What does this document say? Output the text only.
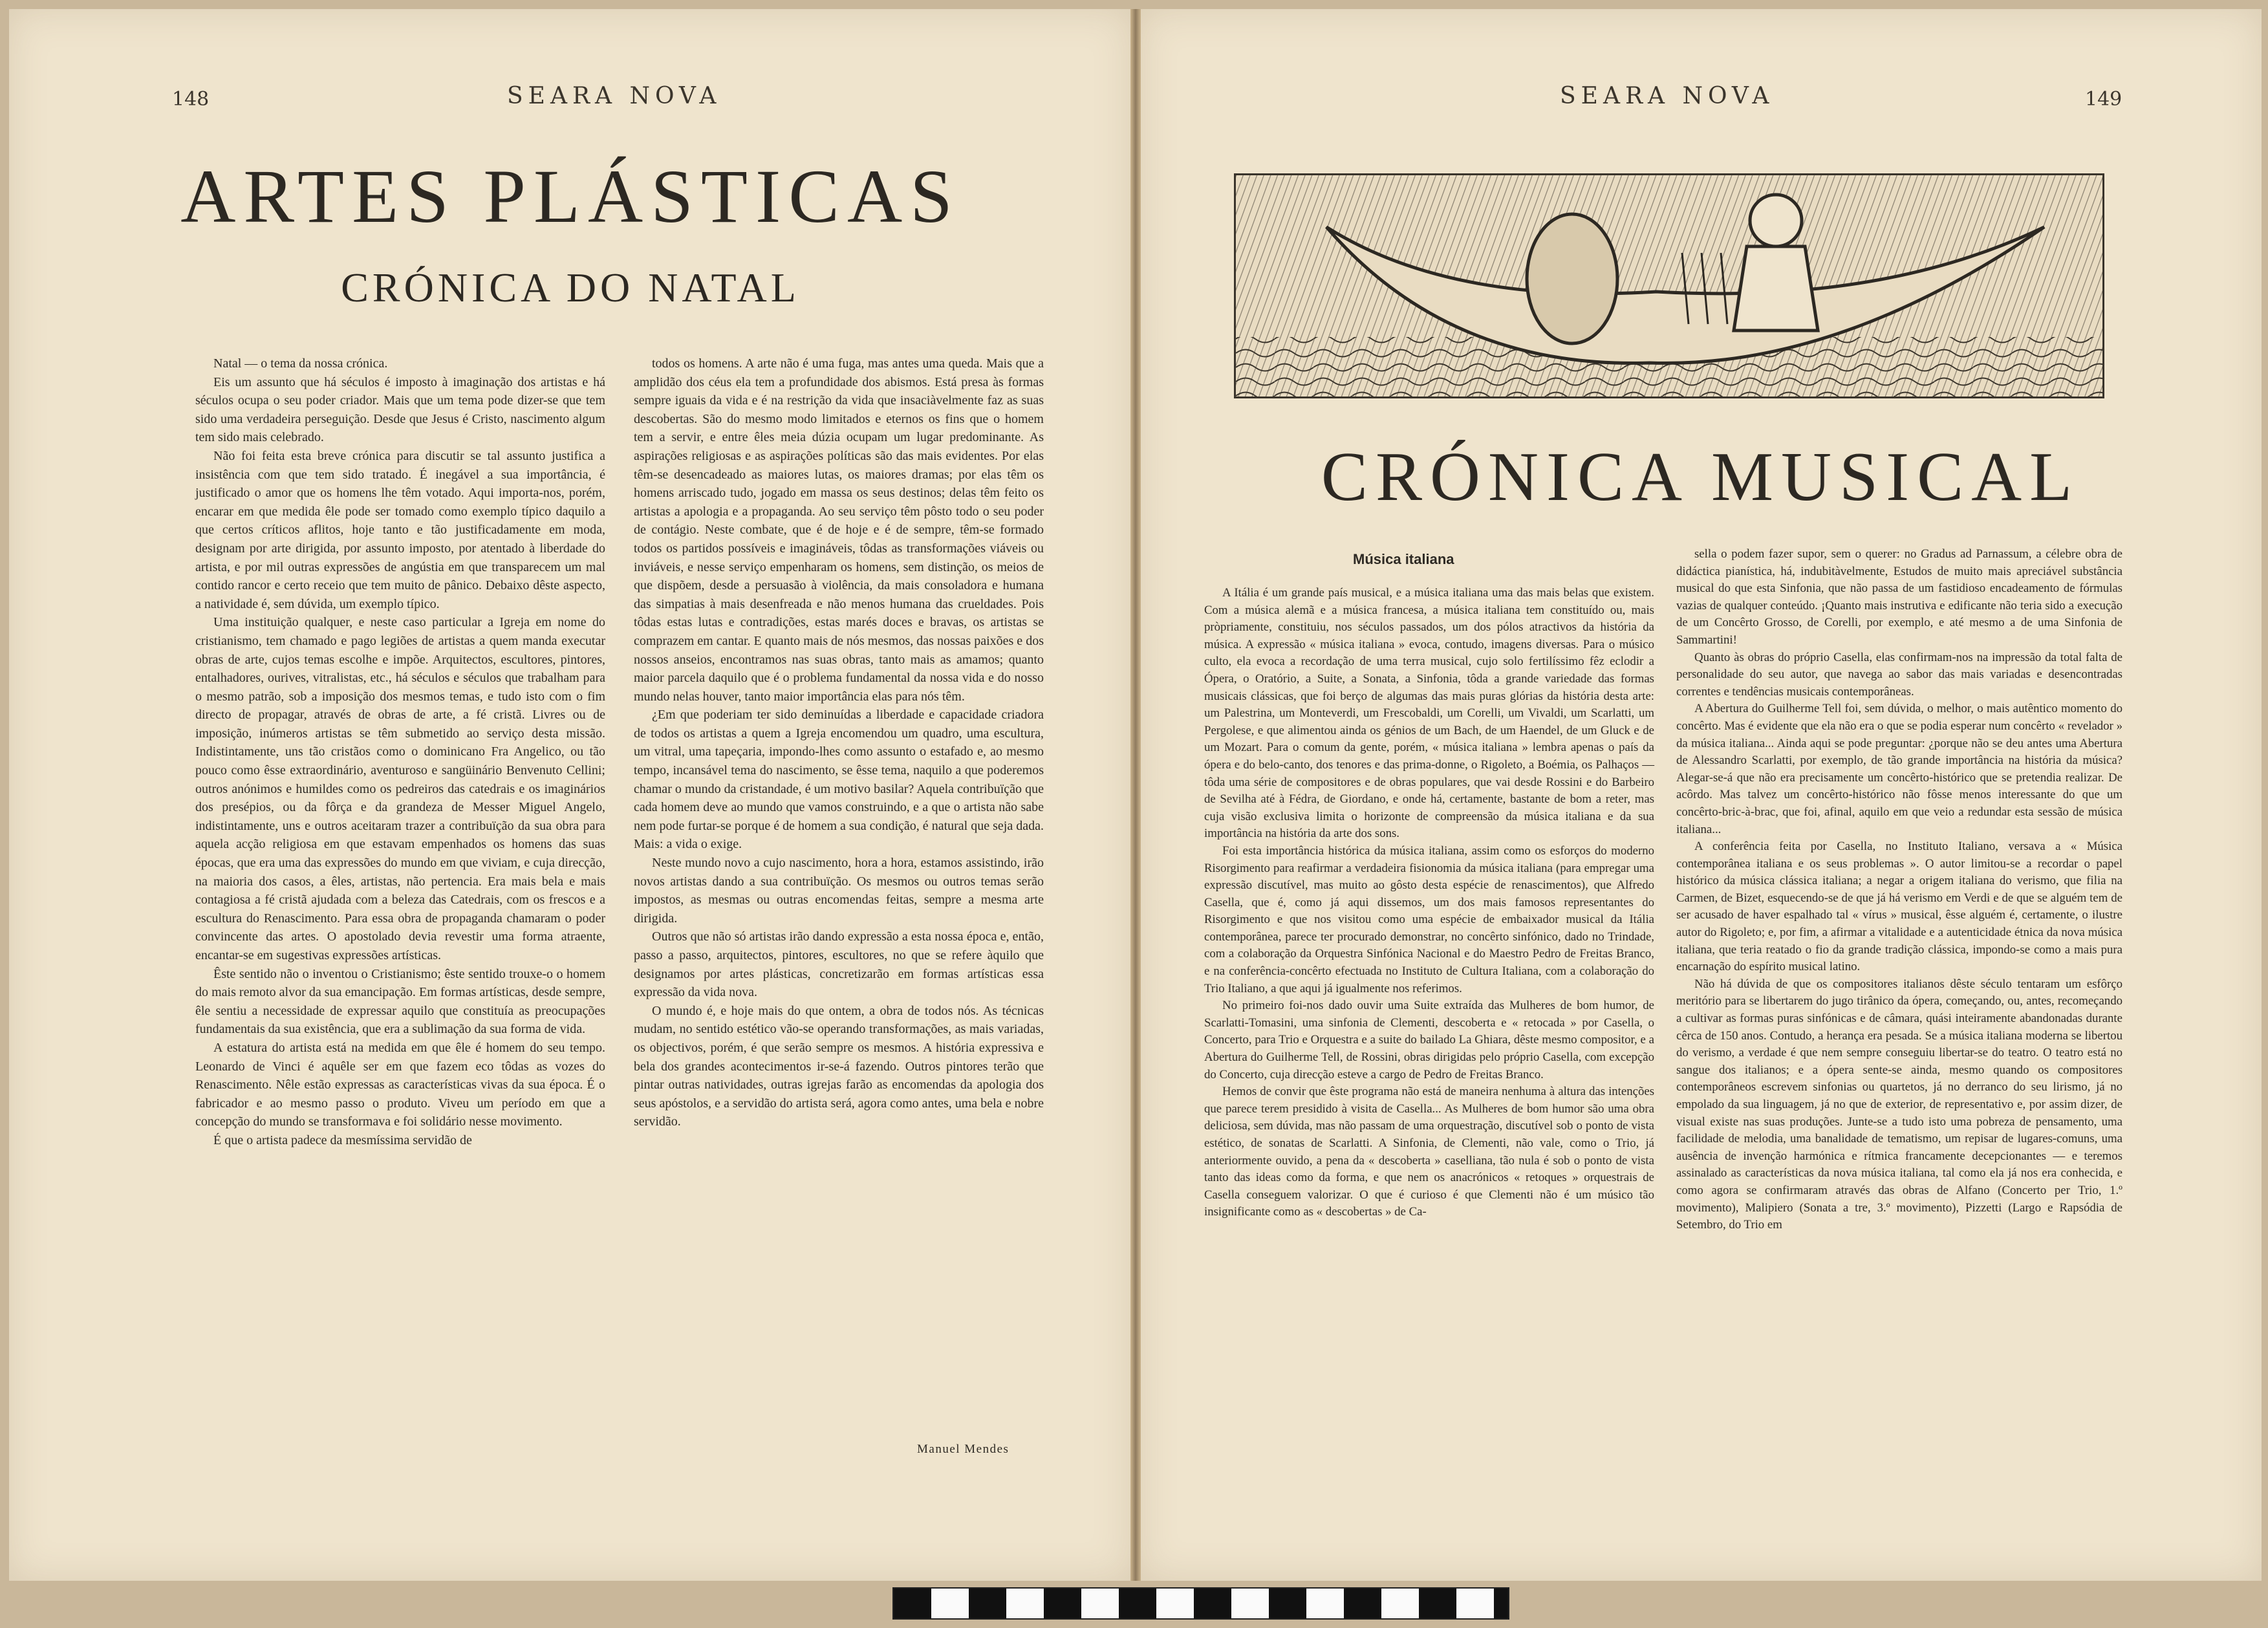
148	SEARA NOVA
ARTES PLÁSTICAS
CRÓNICA DO NATAL

Natal — o tema da nossa crónica.

Eis um assunto que há séculos é imposto à imaginação dos artistas e há séculos ocupa o seu poder criador. Mais que um tema pode dizer-se que tem sido uma verdadeira perseguição. Desde que Jesus é Cristo, nascimento algum tem sido mais celebrado.

Não foi feita esta breve crónica para discutir se tal assunto justifica a insistência com que tem sido tratado. É inegável a sua importância, é justificado o amor que os homens lhe têm votado. Aqui importa-nos, porém, encarar em que medida êle pode ser tomado como exemplo típico daquilo a que certos críticos aflitos, hoje tanto e tão justificadamente em moda, designam por arte dirigida, por assunto imposto, por atentado à liberdade do artista, e por mil outras expressões de angústia em que transparecem um mal contido rancor e certo receio que tem muito de pânico. Debaixo dêste aspecto, a natividade é, sem dúvida, um exemplo típico.

Uma instituição qualquer, e neste caso particular a Igreja em nome do cristianismo, tem chamado e pago legiões de artistas a quem manda executar obras de arte, cujos temas escolhe e impõe. Arquitectos, escultores, pintores, entalhadores, ourives, vitralistas, etc., há séculos e séculos que trabalham para o mesmo patrão, sob a imposição dos mesmos temas, e tudo isto com o fim directo de propagar, através de obras de arte, a fé cristã. Livres ou de imposição, inúmeros artistas se têm submetido ao serviço desta missão. Indistintamente, uns tão cristãos como o dominicano Fra Angelico, ou tão pouco como êsse extraordinário, aventuroso e sangüinário Benvenuto Cellini; outros anónimos e humildes como os pedreiros das catedrais e os imaginários dos presépios, ou da fôrça e da grandeza de Messer Miguel Angelo, indistintamente, uns e outros aceitaram trazer a contribuïção da sua obra para aquela acção religiosa em que estavam empenhados os homens das suas épocas, que era uma das expressões do mundo em que viviam, e cuja direcção, na maioria dos casos, a êles, artistas, não pertencia. Era mais bela e mais contagiosa a fé cristã ajudada com a beleza das Catedrais, com os frescos e a escultura do Renascimento. Para essa obra de propaganda chamaram o poder convincente das artes. O apostolado devia revestir uma forma atraente, encantar-se em sugestivas expressões artísticas.

Êste sentido não o inventou o Cristianismo; êste sentido trouxe-o o homem do mais remoto alvor da sua emancipação. Em formas artísticas, desde sempre, êle sentiu a necessidade de expressar aquilo que constituía as preocupações fundamentais da sua existência, que era a sublimação da sua forma de vida.

A estatura do artista está na medida em que êle é homem do seu tempo. Leonardo de Vinci é aquêle ser em que fazem eco tôdas as vozes do Renascimento. Nêle estão expressas as características vivas da sua época. É o fabricador e ao mesmo passo o produto. Viveu um período em que a concepção do mundo se transformava e foi solidário nesse movimento.

É que o artista padece da mesmíssima servidão de

todos os homens. A arte não é uma fuga, mas antes uma queda. Mais que a amplidão dos céus ela tem a profundidade dos abismos. Está presa às formas sempre iguais da vida e é na restrição da vida que insaciàvelmente faz as suas descobertas. São do mesmo modo limitados e eternos os fins que o homem tem a servir, e entre êles meia dúzia ocupam um lugar predominante. As aspirações religiosas e as aspirações políticas são das mais evidentes. Por elas têm-se desencadeado as maiores lutas, os maiores dramas; por elas têm os homens arriscado tudo, jogado em massa os seus destinos; delas têm feito os artistas a apologia e a propaganda. Ao seu serviço têm pôsto todo o seu poder de contágio. Neste combate, que é de hoje e é de sempre, têm-se formado todos os partidos possíveis e imagináveis, tôdas as transformações viáveis ou inviáveis, e nesse serviço empenharam os homens, sem distinção, os meios de que dispõem, desde a persuasão à violência, da mais consoladora e humana das simpatias à mais desenfreada e não menos humana das crueldades. Pois tôdas estas lutas e contradições, estas marés doces e bravas, os artistas se comprazem em cantar. E quanto mais de nós mesmos, das nossas paixões e dos nossos anseios, encontramos nas suas obras, tanto mais as amamos; quanto maior parcela daquilo que é o problema fundamental da nossa vida e do nosso mundo nelas houver, tanto maior importância elas para nós têm.

¿Em que poderiam ter sido deminuídas a liberdade e capacidade criadora de todos os artistas a quem a Igreja encomendou um quadro, uma escultura, um vitral, uma tapeçaria, impondo-lhes como assunto o estafado e, ao mesmo tempo, incansável tema do nascimento, se êsse tema, naquilo a que poderemos chamar o mundo da cristandade, é um motivo basilar? Aquela contribuïção que cada homem deve ao mundo que vamos construindo, e a que o artista não sabe nem pode furtar-se porque é de homem a sua condição, é natural que seja dada. Mais: a vida o exige.

Neste mundo novo a cujo nascimento, hora a hora, estamos assistindo, irão novos artistas dando a sua contribuïção. Os mesmos ou outros temas serão impostos, as mesmas ou outras encomendas feitas, sempre a mesma arte dirigida.

Outros que não só artistas irão dando expressão a esta nossa época e, então, passo a passo, arquitectos, pintores, escultores, no que se refere àquilo que designamos por artes plásticas, concretizarão em formas artísticas essa expressão da vida nova.

O mundo é, e hoje mais do que ontem, a obra de todos nós. As técnicas mudam, no sentido estético vão-se operando transformações, as mais variadas, os objectivos, porém, é que serão sempre os mesmos. A história expressiva e bela dos grandes acontecimentos ir-se-á fazendo. Outros pintores terão que pintar outras natividades, outras igrejas farão as encomendas da apologia dos seus apóstolos, e a servidão do artista será, agora como antes, uma bela e nobre servidão.

Manuel Mendes
SEARA NOVA	149
CRÓNICA MUSICAL
Música italiana

A Itália é um grande país musical, e a música italiana uma das mais belas que existem. Com a música alemã e a música francesa, a música italiana tem constituído ou, mais pròpriamente, constituiu, nos séculos passados, um dos pólos atractivos da história da música. A expressão « música italiana » evoca, contudo, imagens diversas. Para o músico culto, ela evoca a recordação de uma terra musical, cujo solo fertilíssimo fêz eclodir a Ópera, o Oratório, a Suite, a Sonata, a Sinfonia, tôda a grande variedade das formas musicais clássicas, que foi berço de algumas das mais puras glórias da história desta arte: um Palestrina, um Monteverdi, um Frescobaldi, um Corelli, um Vivaldi, um Scarlatti, um Pergolese, e que alimentou ainda os génios de um Bach, de um Haendel, de um Gluck e de um Mozart. Para o comum da gente, porém, « música italiana » lembra apenas o país da ópera e do belo-cantо, dos tenores e das prima-donne, o Rigoleto, a Boémia, os Palhaços — tôda uma série de compositores e de obras populares, que vai desde Rossini e do Barbeiro de Sevilha até à Fédra, de Giordano, e onde há, certamente, bastante de bom a reter, mas cuja visão exclusiva limita o horizonte de compreensão da música italiana e da sua importância na história da arte dos sons.

Foi esta importância histórica da música italiana, assim como os esforços do moderno Risorgimento para reafirmar a verdadeira fisionomia da música italiana (para empregar uma expressão discutível, mas muito ao gôsto desta espécie de renascimentos), que Alfredo Casella, que é, como já aqui dissemos, um dos mais famosos representantes do Risorgimento e que nos visitou como uma espécie de embaixador musical da Itália contemporânea, parece ter procurado demonstrar, no concêrto sinfónico, dado no Trindade, com a colaboração da Orquestra Sinfónica Nacional e do Maestro Pedro de Freitas Branco, e na conferência-concêrto efectuada no Instituto de Cultura Italiana, com a colaboração do Trio Italiano, a que aqui já igualmente nos referimos.

No primeiro foi-nos dado ouvir uma Suite extraída das Mulheres de bom humor, de Scarlatti-Tomasini, uma sinfonia de Clementi, descoberta e « retocada » por Casella, o Concerto, para Trio e Orquestra e a suite do bailado La Ghiara, dêste mesmo compositor, e a Abertura do Guilherme Tell, de Rossini, obras dirigidas pelo próprio Casella, com excepção do Concerto, cuja direcção esteve a cargo de Pedro de Freitas Branco.

Hemos de convir que êste programa não está de maneira nenhuma à altura das intenções que parece terem presidido à visita de Casella... As Mulheres de bom humor são uma obra deliciosa, sem dúvida, mas não passam de uma orquestração, discutível sob o ponto de vista estético, de sonatas de Scarlatti. A Sinfonia, de Clementi, não vale, como o Trio, já anteriormente ouvido, a pena da « descoberta » caselliana, tão nula é sob o ponto de vista tanto das ideas como da forma, e que nem os anacrónicos « retoques » orquestrais de Casella conseguem valorizar. O que é curioso é que Clementi não é um músico tão insignificante como as « descobertas » de Ca-

sella o podem fazer supor, sem o querer: no Gradus ad Parnassum, a célebre obra de didáctica pianística, há, indubitàvelmente, Estudos de muito mais apreciável substância musical do que esta Sinfonia, que não passa de um fastidioso encadeamento de fórmulas vazias de qualquer conteúdo. ¡Quanto mais instrutiva e edificante não teria sido a execução de um Concêrto Grosso, de Corelli, por exemplo, e até mesmo a de uma Sinfonia de Sammartini!

Quanto às obras do próprio Casella, elas confirmam-nos na impressão da total falta de personalidade do seu autor, que navega ao sabor das mais variadas e desencontradas correntes e tendências musicais contemporâneas.

A Abertura do Guilherme Tell foi, sem dúvida, o melhor, o mais autêntico momento do concêrto. Mas é evidente que ela não era o que se podia esperar num concêrto « revelador » da música italiana... Ainda aqui se pode preguntar: ¿porque não se deu antes uma Abertura de Alessandro Scarlatti, por exemplo, de tão grande importância na história da música? Alegar-se-á que não era precisamente um concêrto-histórico que se pretendia realizar. De acôrdo. Mas talvez um concêrto-histórico não fôsse menos interessante do que um concêrto-bric-à-brac, que foi, afinal, aquilo em que veio a redundar esta sessão de música italiana...

A conferência feita por Casella, no Instituto Italiano, versava a « Música contemporânea italiana e os seus problemas ». O autor limitou-se a recordar o papel histórico da música clássica italiana; a negar a origem italiana do verismo, que filia na Carmen, de Bizet, esquecendo-se de que já há verismo em Verdi e de que se alguém tem de ser acusado de haver espalhado tal « vírus » musical, êsse alguém é, certamente, o ilustre autor do Rigoleto; e, por fim, a afirmar a vitalidade e a autenticidade étnica da nova música italiana, que teria reatado o fio da grande tradição clássica, impondo-se como a mais pura encarnação do espírito musical latino.

Não há dúvida de que os compositores italianos dêste século tentaram um esfôrço meritório para se libertarem do jugo tirânico da ópera, começando, ou, antes, recomeçando a cultivar as formas puras sinfónicas e de câmara, quási inteiramente abandonadas durante cêrca de 150 anos. Contudo, a herança era pesada. Se a música italiana moderna se libertou do verismo, a verdade é que nem sempre conseguiu libertar-se do teatro. O teatro está no sangue dos italianos; e a ópera sente-se ainda, mesmo quando os compositores contemporâneos escrevem sinfonias ou quartetos, já no derranco do seu lirismo, já no empolado da sua linguagem, já no que de exterior, de representativo e, por assim dizer, de visual existe nas suas produções. Junte-se a tudo isto uma pobreza de pensamento, uma facilidade de melodia, uma banalidade de tematismo, um repisar de lugares-comuns, uma ausência de invenção harmónica e rítmica francamente decepcionantes — e teremos assinalado as características da nova música italiana, tal como ela já nos era conhecida, e como agora se confirmaram através das obras de Alfano (Concerto per Trio, 1.º movimento), Malipiero (Sonata a tre, 3.º movimento), Pizzetti (Largo e Rapsódia de Setembro, do Trio em
